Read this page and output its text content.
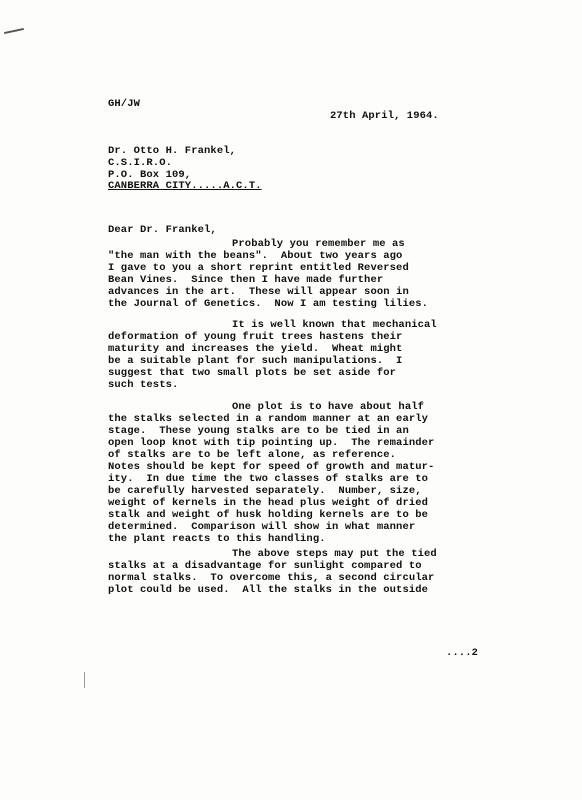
GH/JW
27th April, 1964.
Dr. Otto H. Frankel,
C.S.I.R.O.
P.O. Box 109,
CANBERRA CITY.....A.C.T.
Dear Dr. Frankel,
Probably you remember me as
"the man with the beans".  About two years ago
I gave to you a short reprint entitled Reversed
Bean Vines.  Since then I have made further
advances in the art.  These will appear soon in
the Journal of Genetics.  Now I am testing lilies.
It is well known that mechanical
deformation of young fruit trees hastens their
maturity and increases the yield.  Wheat might
be a suitable plant for such manipulations.  I
suggest that two small plots be set aside for
such tests.
One plot is to have about half
the stalks selected in a random manner at an early
stage.  These young stalks are to be tied in an
open loop knot with tip pointing up.  The remainder
of stalks are to be left alone, as reference.
Notes should be kept for speed of growth and matur-
ity.  In due time the two classes of stalks are to
be carefully harvested separately.  Number, size,
weight of kernels in the head plus weight of dried
stalk and weight of husk holding kernels are to be
determined.  Comparison will show in what manner
the plant reacts to this handling.
The above steps may put the tied
stalks at a disadvantage for sunlight compared to
normal stalks.  To overcome this, a second circular
plot could be used.  All the stalks in the outside
....2
